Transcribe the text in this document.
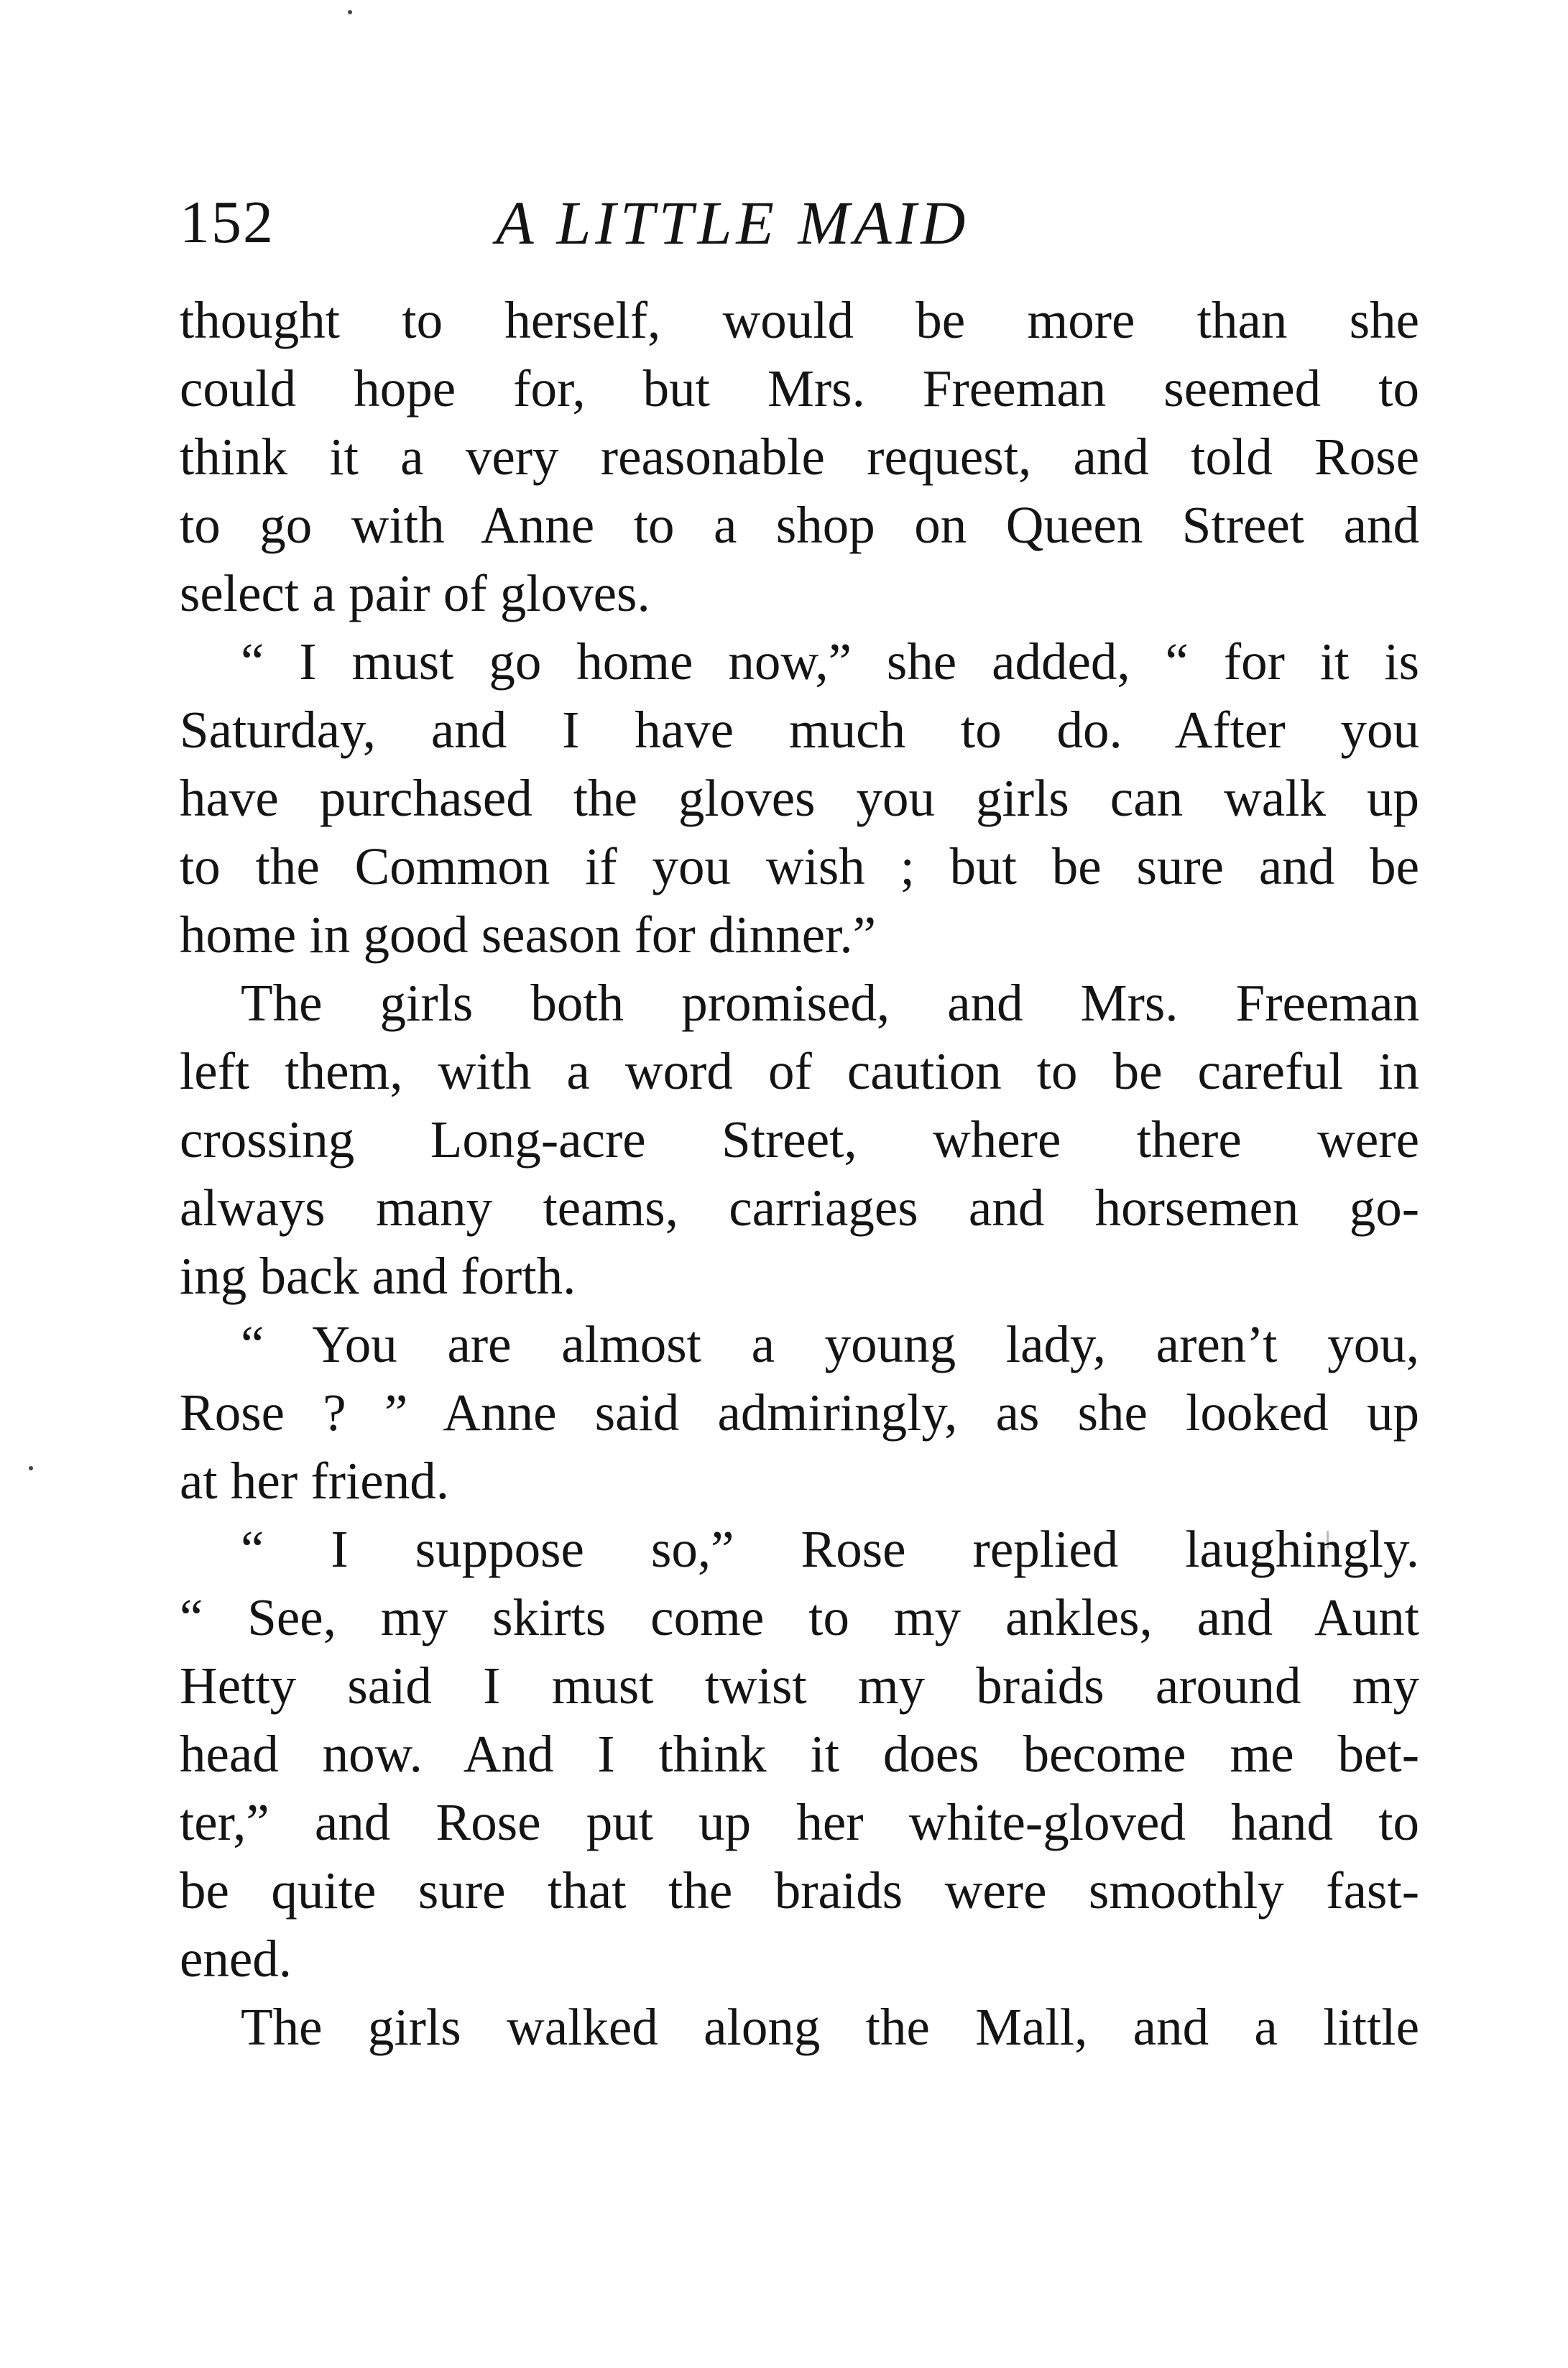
152	A LITTLE MAID
thought to herself, would be more than she
could hope for, but Mrs. Freeman seemed to
think it a very reasonable request, and told Rose
to go with Anne to a shop on Queen Street and
select a pair of gloves.
“ I must go home now,” she added, “ for it is
Saturday, and I have much to do. After you
have purchased the gloves you girls can walk up
to the Common if you wish ; but be sure and be
home in good season for dinner.”
The girls both promised, and Mrs. Freeman
left them, with a word of caution to be careful in
crossing Long-acre Street, where there were
always many teams, carriages and horsemen go-
ing back and forth.
“ You are almost a young lady, aren’t you,
Rose ? ” Anne said admiringly, as she looked up
at her friend.
“ I suppose so,” Rose replied laughingly.
“ See, my skirts come to my ankles, and Aunt
Hetty said I must twist my braids around my
head now. And I think it does become me bet-
ter,” and Rose put up her white-gloved hand to
be quite sure that the braids were smoothly fast-
ened.
The girls walked along the Mall, and a little
